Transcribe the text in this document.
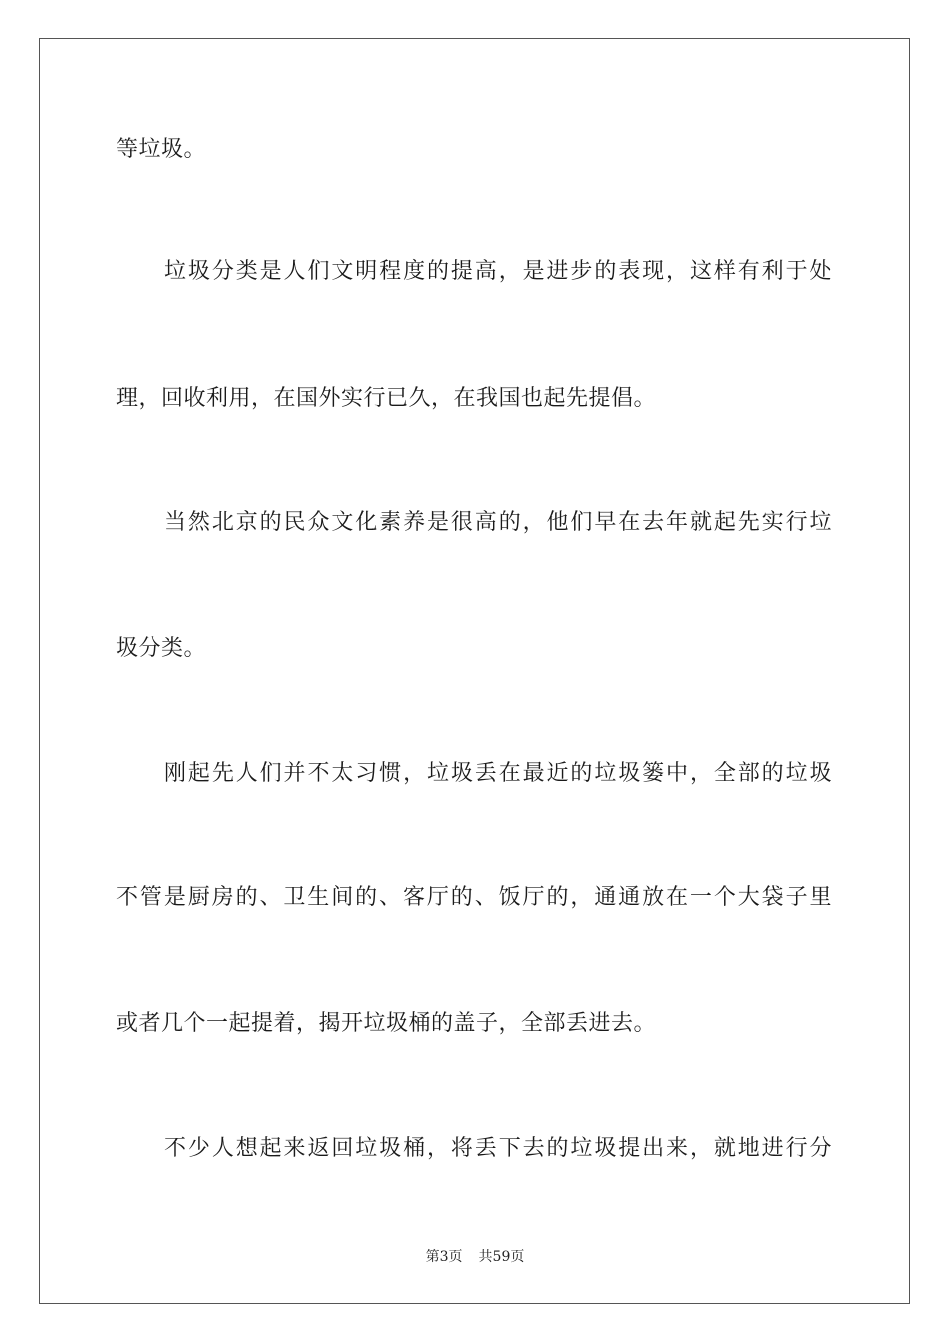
等垃圾。
垃圾分类是人们文明程度的提高，是进步的表现，这样有利于处
理，回收利用，在国外实行已久，在我国也起先提倡。
当然北京的民众文化素养是很高的，他们早在去年就起先实行垃
圾分类。
刚起先人们并不太习惯，垃圾丢在最近的垃圾篓中，全部的垃圾
不管是厨房的、卫生间的、客厅的、饭厅的，通通放在一个大袋子里
或者几个一起提着，揭开垃圾桶的盖子，全部丢进去。
不少人想起来返回垃圾桶，将丢下去的垃圾提出来，就地进行分
第3页 共59页
